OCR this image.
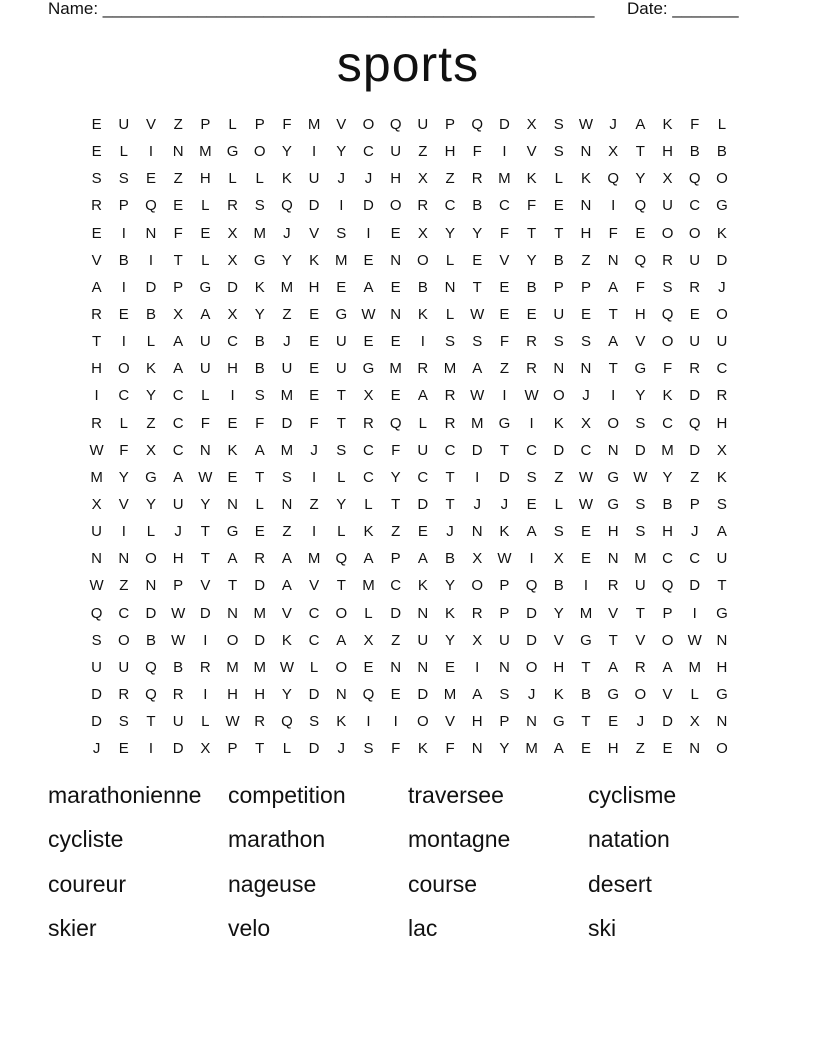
Name: ____________________________________________________ Date: _______
sports
E	U	V	Z	P	L	P	F	M	V	O	Q	U	P	Q	D	X	S	W	J	A	K	F	L
E	L	I	N	M	G	O	Y	I	Y	C	U	Z	H	F	I	V	S	N	X	T	H	B	B
S	S	E	Z	H	L	L	K	U	J	J	H	X	Z	R	M	K	L	K	Q	Y	X	Q	O
R	P	Q	E	L	R	S	Q	D	I	D	O	R	C	B	C	F	E	N	I	Q	U	C	G
E	I	N	F	E	X	M	J	V	S	I	E	X	Y	Y	F	T	T	H	F	E	O	O	K
V	B	I	T	L	X	G	Y	K	M	E	N	O	L	E	V	Y	B	Z	N	Q	R	U	D
A	I	D	P	G	D	K	M	H	E	A	E	B	N	T	E	B	P	P	A	F	S	R	J
R	E	B	X	A	X	Y	Z	E	G W N	K	L	W	E	E	U	E	T	H	Q	E	O
T	I	L	A	U	C	B	J	E	U	E	E	I	S	S	F	R	S	S	A	V	O	U	U
H	O	K	A	U	H	B	U	E	U	G	M	R	M	A	Z	R	N	N	T	G	F	R	C
I	C	Y	C	L	I	S	M	E	T	X	E	A	R W	I	W O	J	I	Y	K	D	R
R	L	Z	C	F	E	F	D	F	T	R	Q	L	R	M	G	I	K	X	O	S	C	Q	H
W	F	X	C	N	K	A	M	J	S	C	F	U	C	D	T	C	D	C	N	D	M	D	X
M	Y	G	A	W	E	T	S	I	L	C	Y	C	T	I	D	S	Z	W G W	Y	Z	K
X	V	Y	U	Y	N	L	N	Z	Y	L	T	D	T	J	J	E	L	W G	S	B	P	S
U	I	L	J	T	G	E	Z	I	L	K	Z	E	J	N	K	A	S	E	H	S	H	J	A
N	N	O	H	T	A	R	A	M	Q	A	P	A	B	X	W	I	X	E	N	M	C	C	U
W	Z	N	P	V	T	D	A	V	T	M	C	K	Y	O	P	Q	B	I	R	U	Q	D	T
Q	C	D W D	N	M	V	C	O	L	D	N	K	R	P	D	Y	M	V	T	P	I	G
S	O	B	W	I	O	D	K	C	A	X	Z	U	Y	X	U	D	V	G	T	V	O W N
U	U	Q	B	R	M M W	L	O	E	N	N	E	I	N	O	H	T	A	R	A	M	H
D	R	Q	R	I	H	H	Y	D	N	Q	E	D	M	A	S	J	K	B	G	O	V	L	G
D	S	T	U	L	W R	Q	S	K	I	I	O	V	H	P	N	G	T	E	J	D	X	N
J	E	I	D	X	P	T	L	D	J	S	F	K	F	N	Y	M	A	E	H	Z	E	N	O
marathonienne	competition	traversee	cyclisme
cycliste	marathon	montagne	natation
coureur	nageuse	course	desert
skier	velo	lac	ski
